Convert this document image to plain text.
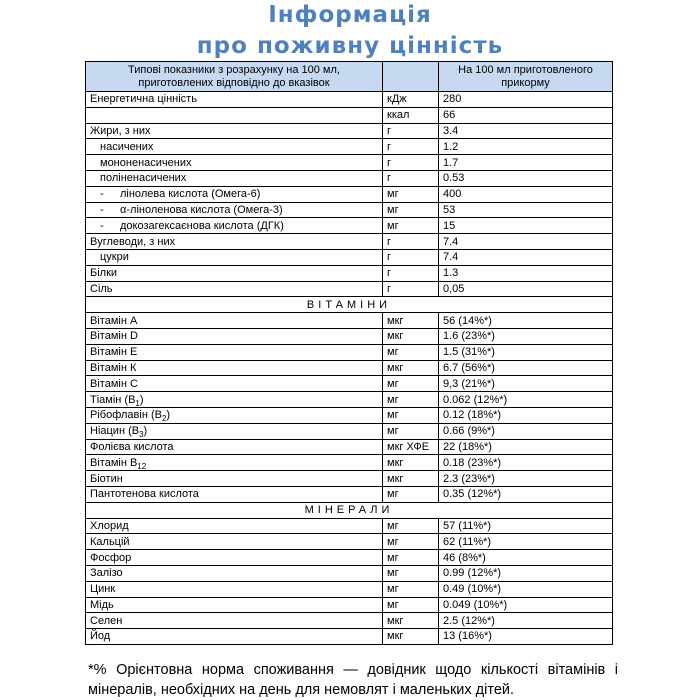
Інформація
про поживну цінність
Типові показники з розрахунку на 100 мл, приготовлених відповідно до вказівок		На 100 мл приготовленого прикорму
Енергетична цінність	кДж	280
	ккал	66
Жири, з них	г	3.4
насичених	г	1.2
мононенасичених	г	1.7
поліненасичених	г	0.53
- лінолева кислота (Омега-6)	мг	400
- α-ліноленова кислота (Омега-3)	мг	53
- докозагексаєнова кислота (ДГК)	мг	15
Вуглеводи, з них	г	7.4
цукри	г	7.4
Білки	г	1.3
Сіль	г	0,05
ВІТАМІНИ		
Вітамін А	мкг	56 (14%*)
Вітамін D	мкг	1.6 (23%*)
Вітамін Е	мг	1.5 (31%*)
Вітамін К	мкг	6.7 (56%*)
Вітамін С	мг	9,3 (21%*)
Тіамін $(B_1)$	мг	0.062 (12%*)
Рібофлавін $(B_2)$	мг	0.12 (18%*)
Ніацин $(B_3)$	мг	0.66 (9%*)
Фолієва кислота	мкг ХФЕ	22 (18%*)
Вітамін $B_{12}$	мкг	0.18 (23%*)
Біотин	мкг	2.3 (23%*)
Пантотенова кислота	мг	0.35 (12%*)
МІНЕРАЛИ		
Хлорид	мг	57 (11%*)
Кальцій	мг	62 (11%*)
Фосфор	мг	46 (8%*)
Залізо	мг	0.99 (12%*)
Цинк	мг	0.49 (10%*)
Мідь	мг	0.049 (10%*)
Селен	мкг	2.5 (12%*)
Йод	мкг	13 (16%*)
*% Орієнтовна норма споживання — довідник щодо кількості вітамінів і мінералів, необхідних на день для немовлят і маленьких дітей.
